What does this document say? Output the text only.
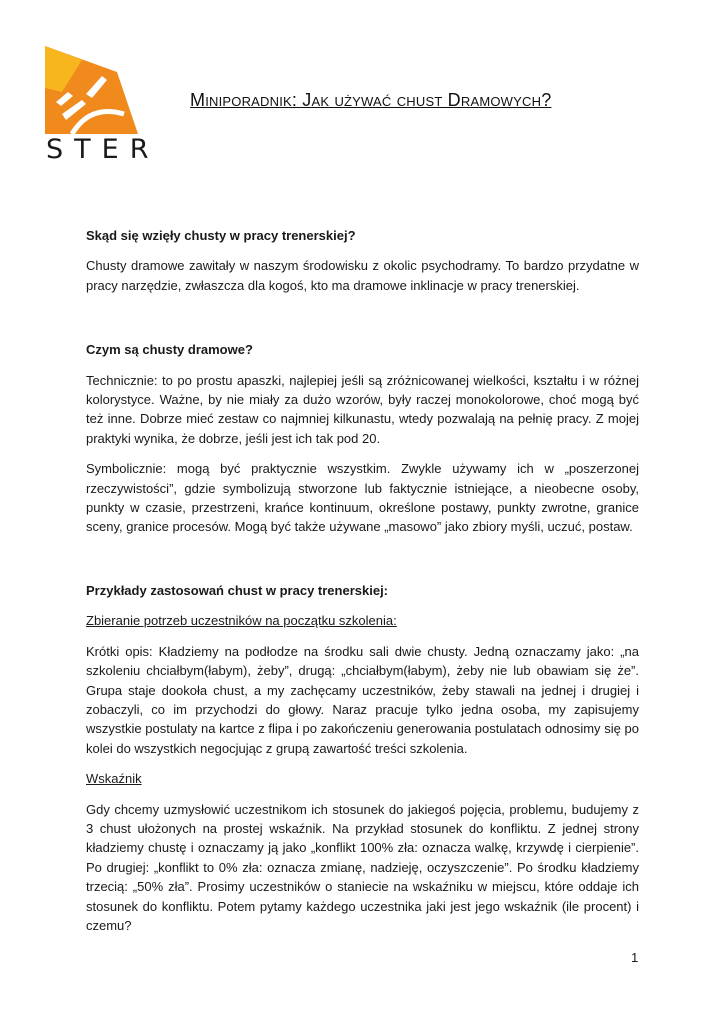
STER
Miniporadnik: Jak używać chust Dramowych?

Skąd się wzięły chusty w pracy trenerskiej?

Chusty dramowe zawitały w naszym środowisku z okolic psychodramy. To bardzo przydatne w pracy narzędzie, zwłaszcza dla kogoś, kto ma dramowe inklinacje w pracy trenerskiej.

Czym są chusty dramowe?

Technicznie: to po prostu apaszki, najlepiej jeśli są zróżnicowanej wielkości, kształtu i w różnej kolorystyce. Ważne, by nie miały za dużo wzorów, były raczej monokolorowe, choć mogą być też inne. Dobrze mieć zestaw co najmniej kilkunastu, wtedy pozwalają na pełnię pracy. Z mojej praktyki wynika, że dobrze, jeśli jest ich tak pod 20.

Symbolicznie: mogą być praktycznie wszystkim. Zwykle używamy ich w „poszerzonej rzeczywistości”, gdzie symbolizują stworzone lub faktycznie istniejące, a nieobecne osoby, punkty w czasie, przestrzeni, krańce kontinuum, określone postawy, punkty zwrotne, granice sceny, granice procesów. Mogą być także używane „masowo” jako zbiory myśli, uczuć, postaw.

Przykłady zastosowań chust w pracy trenerskiej:

Zbieranie potrzeb uczestników na początku szkolenia:

Krótki opis: Kładziemy na podłodze na środku sali dwie chusty. Jedną oznaczamy jako: „na szkoleniu chciałbym(łabym), żeby”, drugą: „chciałbym(łabym), żeby nie lub obawiam się że”. Grupa staje dookoła chust, a my zachęcamy uczestników, żeby stawali na jednej i drugiej i zobaczyli, co im przychodzi do głowy. Naraz pracuje tylko jedna osoba, my zapisujemy wszystkie postulaty na kartce z flipa i po zakończeniu generowania postulatach odnosimy się po kolei do wszystkich negocjując z grupą zawartość treści szkolenia.

Wskaźnik

Gdy chcemy uzmysłowić uczestnikom ich stosunek do jakiegoś pojęcia, problemu, budujemy z 3 chust ułożonych na prostej wskaźnik. Na przykład stosunek do konfliktu. Z jednej strony kładziemy chustę i oznaczamy ją jako „konflikt 100% zła: oznacza walkę, krzywdę i cierpienie”. Po drugiej: „konflikt to 0% zła: oznacza zmianę, nadzieję, oczyszczenie”. Po środku kładziemy trzecią: „50% zła”. Prosimy uczestników o staniecie na wskaźniku w miejscu, które oddaje ich stosunek do konfliktu. Potem pytamy każdego uczestnika jaki jest jego wskaźnik (ile procent) i czemu?

1
